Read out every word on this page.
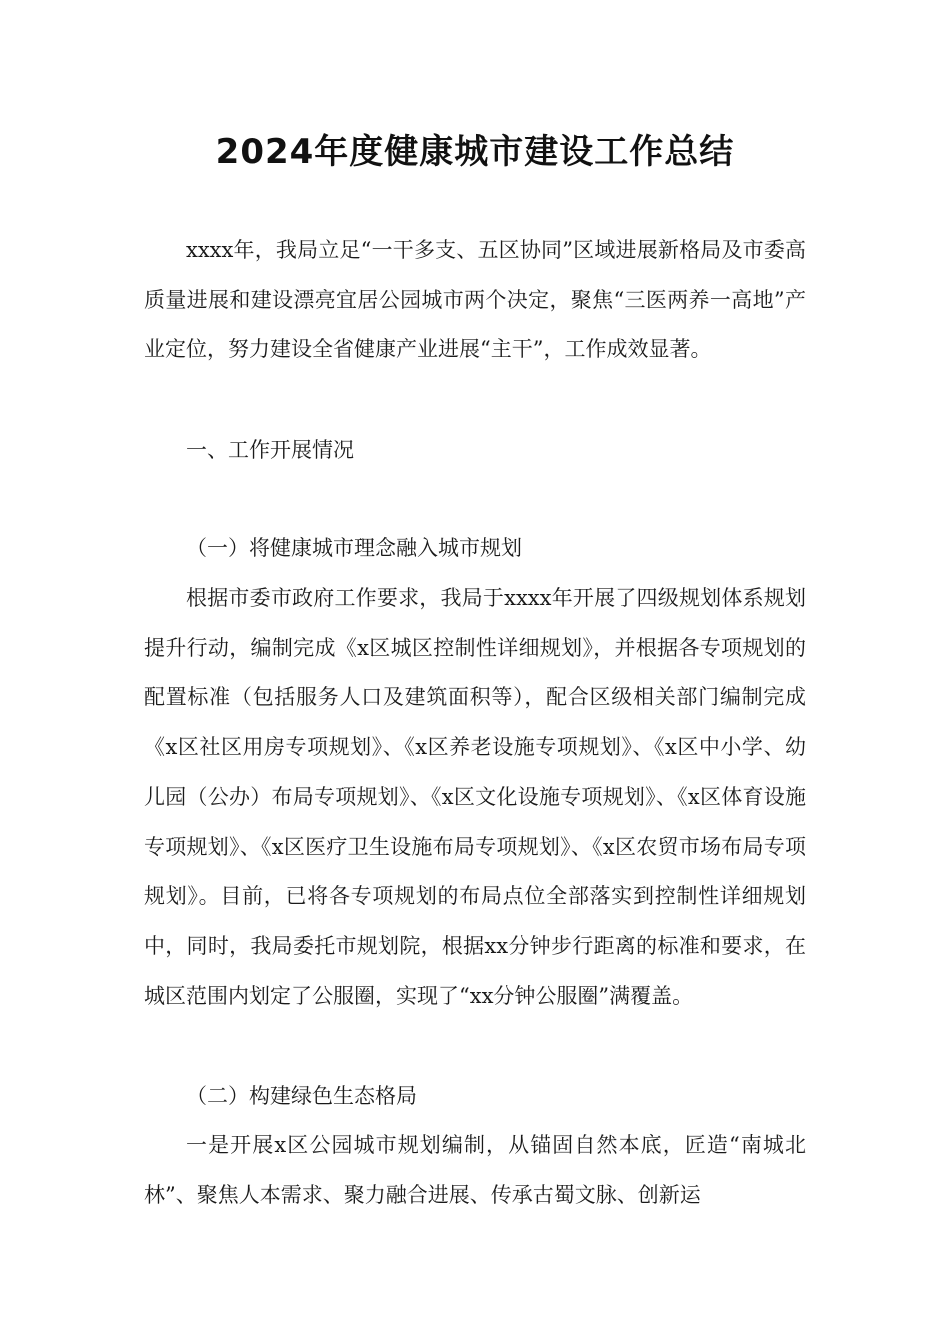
2024年度健康城市建设工作总结

xxxx年，我局立足“一干多支、五区协同”区域进展新格局及市委高质量进展和建设漂亮宜居公园城市两个决定，聚焦“三医两养一高地”产业定位，努力建设全省健康产业进展“主干”，工作成效显著。

一、工作开展情况
（一）将健康城市理念融入城市规划

根据市委市政府工作要求，我局于xxxx年开展了四级规划体系规划提升行动，编制完成《x区城区控制性详细规划》，并根据各专项规划的配置标准（包括服务人口及建筑面积等），配合区级相关部门编制完成《x区社区用房专项规划》、《x区养老设施专项规划》、《x区中小学、幼儿园（公办）布局专项规划》、《x区文化设施专项规划》、《x区体育设施专项规划》、《x区医疗卫生设施布局专项规划》、《x区农贸市场布局专项规划》。目前，已将各专项规划的布局点位全部落实到控制性详细规划中，同时，我局委托市规划院，根据xx分钟步行距离的标准和要求，在城区范围内划定了公服圈，实现了“xx分钟公服圈”满覆盖。

（二）构建绿色生态格局

一是开展x区公园城市规划编制，从锚固自然本底，匠造“南城北林”、聚焦人本需求、聚力融合进展、传承古蜀文脉、创新运
